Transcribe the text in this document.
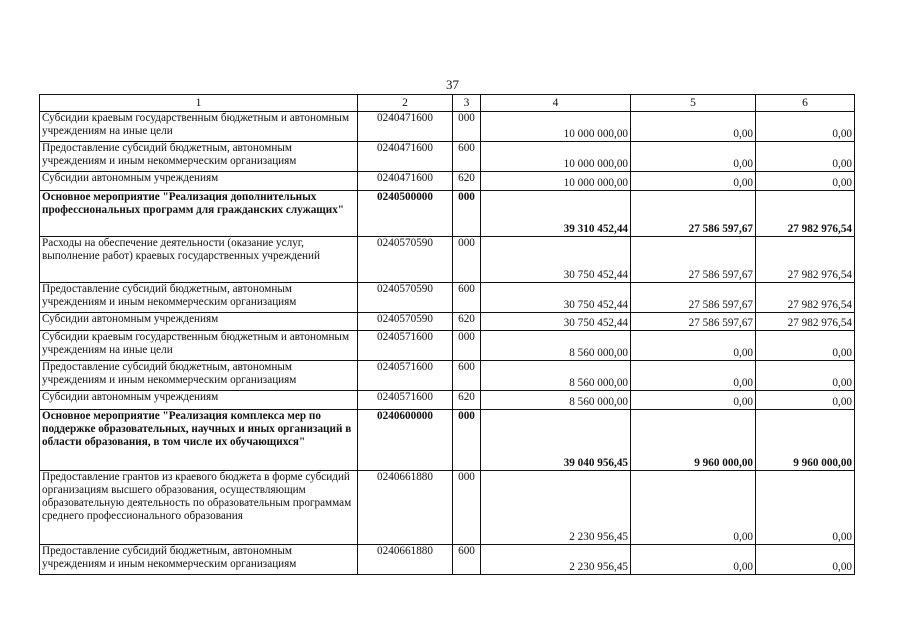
37
1	2	3	4	5	6
Субсидии краевым государственным бюджетным и автономным учреждениям на иные цели	0240471600	000	10 000 000,00	0,00	0,00
Предоставление субсидий бюджетным, автономным учреждениям и иным некоммерческим организациям	0240471600	600	10 000 000,00	0,00	0,00
Субсидии автономным учреждениям	0240471600	620	10 000 000,00	0,00	0,00
Основное мероприятие "Реализация дополнительных профессиональных программ для гражданских служащих"	0240500000	000	39 310 452,44	27 586 597,67	27 982 976,54
Расходы на обеспечение деятельности (оказание услуг, выполнение работ) краевых государственных учреждений	0240570590	000	30 750 452,44	27 586 597,67	27 982 976,54
Предоставление субсидий бюджетным, автономным учреждениям и иным некоммерческим организациям	0240570590	600	30 750 452,44	27 586 597,67	27 982 976,54
Субсидии автономным учреждениям	0240570590	620	30 750 452,44	27 586 597,67	27 982 976,54
Субсидии краевым государственным бюджетным и автономным учреждениям на иные цели	0240571600	000	8 560 000,00	0,00	0,00
Предоставление субсидий бюджетным, автономным учреждениям и иным некоммерческим организациям	0240571600	600	8 560 000,00	0,00	0,00
Субсидии автономным учреждениям	0240571600	620	8 560 000,00	0,00	0,00
Основное мероприятие "Реализация комплекса мер по поддержке образовательных, научных и иных организаций в области образования, в том числе их обучающихся"	0240600000	000	39 040 956,45	9 960 000,00	9 960 000,00
Предоставление грантов из краевого бюджета в форме субсидий организациям высшего образования, осуществляющим образовательную деятельность по образовательным программам среднего профессионального образования	0240661880	000	2 230 956,45	0,00	0,00
Предоставление субсидий бюджетным, автономным учреждениям и иным некоммерческим организациям	0240661880	600	2 230 956,45	0,00	0,00
